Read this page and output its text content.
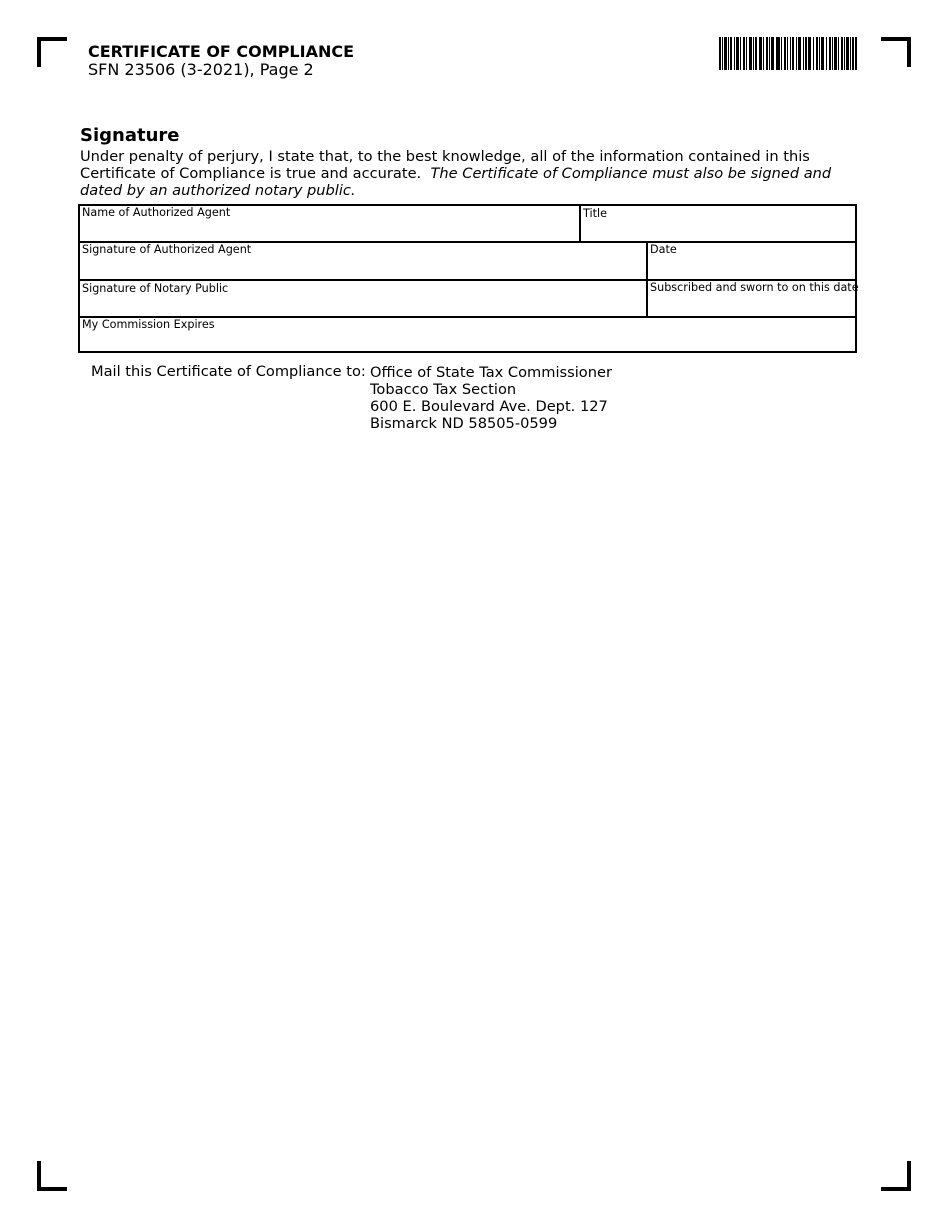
CERTIFICATE OF COMPLIANCE
SFN 23506 (3-2021), Page 2
Signature

Under penalty of perjury, I state that, to the best knowledge, all of the information contained in this Certificate of Compliance is true and accurate. The Certificate of Compliance must also be signed and dated by an authorized notary public.

Name of Authorized Agent	Title
Signature of Authorized Agent	Date
Signature of Notary Public	Subscribed and sworn to on this date
My Commission Expires
Mail this Certificate of Compliance to: Office of State Tax Commissioner
Tobacco Tax Section
600 E. Boulevard Ave. Dept. 127
Bismarck ND 58505-0599
